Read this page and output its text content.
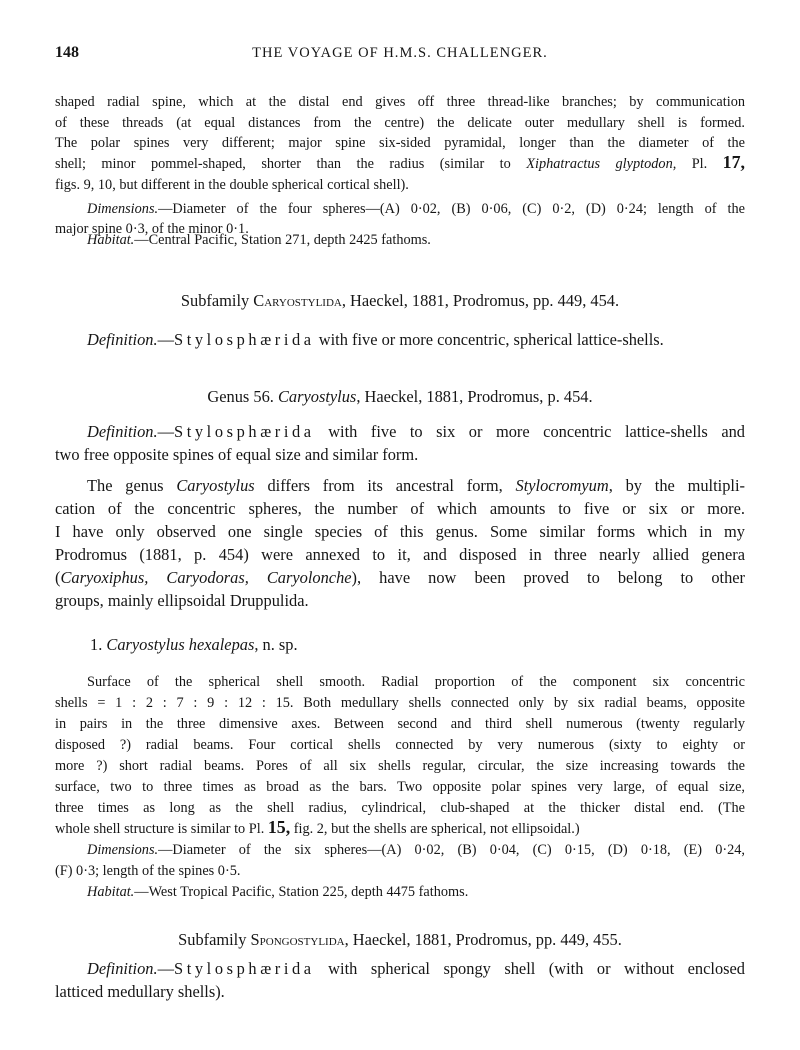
148	THE VOYAGE OF H.M.S. CHALLENGER.
shaped radial spine, which at the distal end gives off three thread-like branches; by communication
of these threads (at equal distances from the centre) the delicate outer medullary shell is formed.
The polar spines very different; major spine six-sided pyramidal, longer than the diameter of the
shell; minor pommel-shaped, shorter than the radius (similar to Xiphatractus glyptodon, Pl. 17,
figs. 9, 10, but different in the double spherical cortical shell).
Dimensions.—Diameter of the four spheres—(A) 0·02, (B) 0·06, (C) 0·2, (D) 0·24; length of the
major spine 0·3, of the minor 0·1.
Habitat.—Central Pacific, Station 271, depth 2425 fathoms.
Subfamily Caryostylida, Haeckel, 1881, Prodromus, pp. 449, 454.
Definition.—Stylosphærida with five or more concentric, spherical lattice-shells.
Genus 56. Caryostylus, Haeckel, 1881, Prodromus, p. 454.
Definition.—Stylosphærida with five to six or more concentric lattice-shells and
two free opposite spines of equal size and similar form.
The genus Caryostylus differs from its ancestral form, Stylocromyum, by the multipli-
cation of the concentric spheres, the number of which amounts to five or six or more.
I have only observed one single species of this genus. Some similar forms which in my
Prodromus (1881, p. 454) were annexed to it, and disposed in three nearly allied genera
(Caryoxiphus, Caryodoras, Caryolonche), have now been proved to belong to other
groups, mainly ellipsoidal Druppulida.
1. Caryostylus hexalepas, n. sp.
Surface of the spherical shell smooth. Radial proportion of the component six concentric
shells = 1 : 2 : 7 : 9 : 12 : 15. Both medullary shells connected only by six radial beams, opposite
in pairs in the three dimensive axes. Between second and third shell numerous (twenty regularly
disposed ?) radial beams. Four cortical shells connected by very numerous (sixty to eighty or
more ?) short radial beams. Pores of all six shells regular, circular, the size increasing towards the
surface, two to three times as broad as the bars. Two opposite polar spines very large, of equal size,
three times as long as the shell radius, cylindrical, club-shaped at the thicker distal end. (The
whole shell structure is similar to Pl. 15, fig. 2, but the shells are spherical, not ellipsoidal.)
Dimensions.—Diameter of the six spheres—(A) 0·02, (B) 0·04, (C) 0·15, (D) 0·18, (E) 0·24,
(F) 0·3; length of the spines 0·5.
Habitat.—West Tropical Pacific, Station 225, depth 4475 fathoms.
Subfamily Spongostylida, Haeckel, 1881, Prodromus, pp. 449, 455.
Definition.—Stylosphærida with spherical spongy shell (with or without enclosed
latticed medullary shells).
